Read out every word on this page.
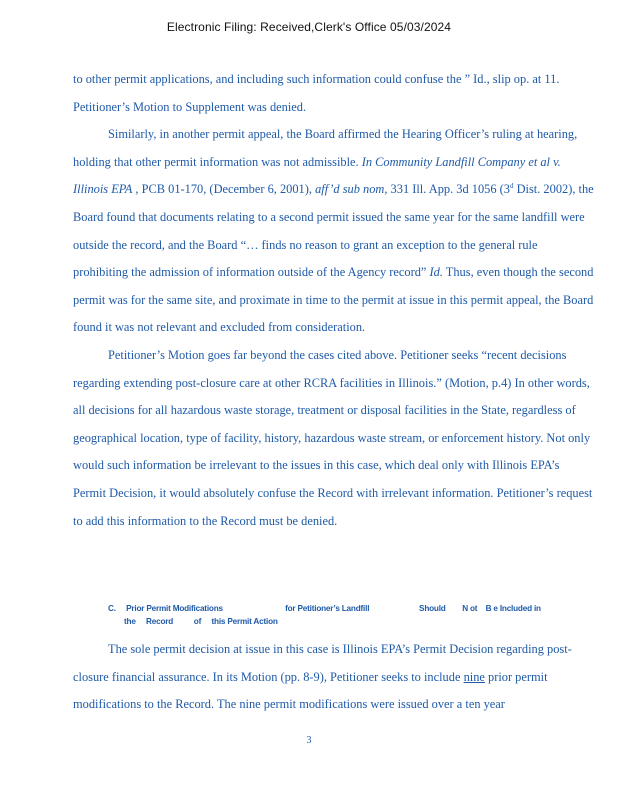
Electronic Filing: Received,Clerk's Office 05/03/2024

to other permit applications, and including such information could confuse the ” Id., slip op. at 11. Petitioner’s Motion to Supplement was denied.

Similarly, in another permit appeal, the Board affirmed the Hearing Officer’s ruling at hearing, holding that other permit information was not admissible. In Community Landfill Company et al v. Illinois EPA , PCB 01-170, (December 6, 2001), aff’d sub nom, 331 Ill. App. 3d 1056 (3$^d$ Dist. 2002), the Board found that documents relating to a second permit issued the same year for the same landfill were outside the record, and the Board “… finds no reason to grant an exception to the general rule prohibiting the admission of information outside of the Agency record” Id. Thus, even though the second permit was for the same site, and proximate in time to the permit at issue in this permit appeal, the Board found it was not relevant and excluded from consideration.

Petitioner’s Motion goes far beyond the cases cited above. Petitioner seeks “recent decisions regarding extending post-closure care at other RCRA facilities in Illinois.” (Motion, p.4) In other words, all decisions for all hazardous waste storage, treatment or disposal facilities in the State, regardless of geographical location, type of facility, history, hazardous waste stream, or enforcement history. Not only would such information be irrelevant to the issues in this case, which deal only with Illinois EPA’s Permit Decision, it would absolutely confuse the Record with irrelevant information. Petitioner’s request to add this information to the Record must be denied.

C.     Prior Permit Modifications                              for Petitioner’s Landfill                        Should        N ot    B e Included in
the     Record          of     this Permit Action

The sole permit decision at issue in this case is Illinois EPA’s Permit Decision regarding post-closure financial assurance. In its Motion (pp. 8-9), Petitioner seeks to include nine prior permit modifications to the Record. The nine permit modifications were issued over a ten year

3
